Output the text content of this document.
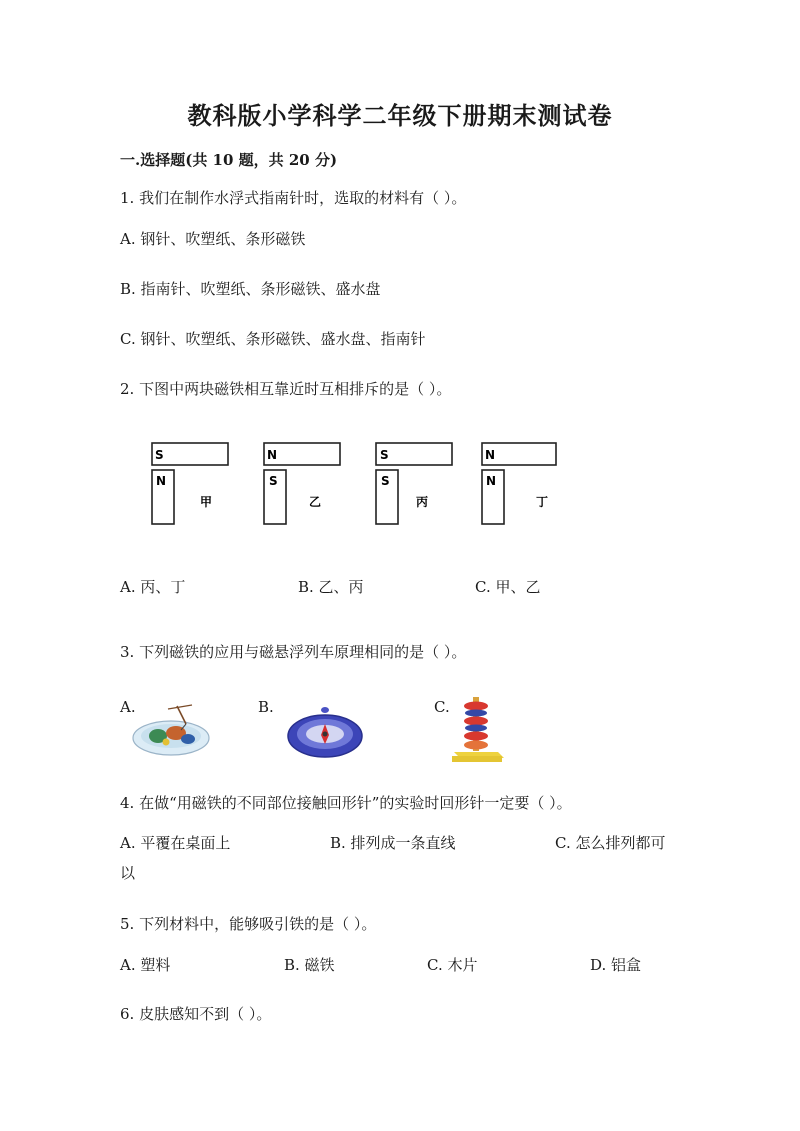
教科版小学科学二年级下册期末测试卷
一.选择题(共 10 题，共 20 分)
1. 我们在制作水浮式指南针时，选取的材料有（ ）。
A. 钢针、吹塑纸、条形磁铁
B. 指南针、吹塑纸、条形磁铁、盛水盘
C. 钢针、吹塑纸、条形磁铁、盛水盘、指南针
2. 下图中两块磁铁相互靠近时互相排斥的是（ ）。
S
N
甲
N
S
乙
S
S
丙
N
N
丁
A. 丙、丁	B. 乙、丙	C. 甲、乙
3. 下列磁铁的应用与磁悬浮列车原理相同的是（ ）。
A.	B.	C.
4. 在做“用磁铁的不同部位接触回形针”的实验时回形针一定要（ ）。
A. 平覆在桌面上	B. 排列成一条直线	C. 怎么排列都可
以
5. 下列材料中，能够吸引铁的是（ ）。
A. 塑料	B. 磁铁	C. 木片	D. 铝盒
6. 皮肤感知不到（ ）。
